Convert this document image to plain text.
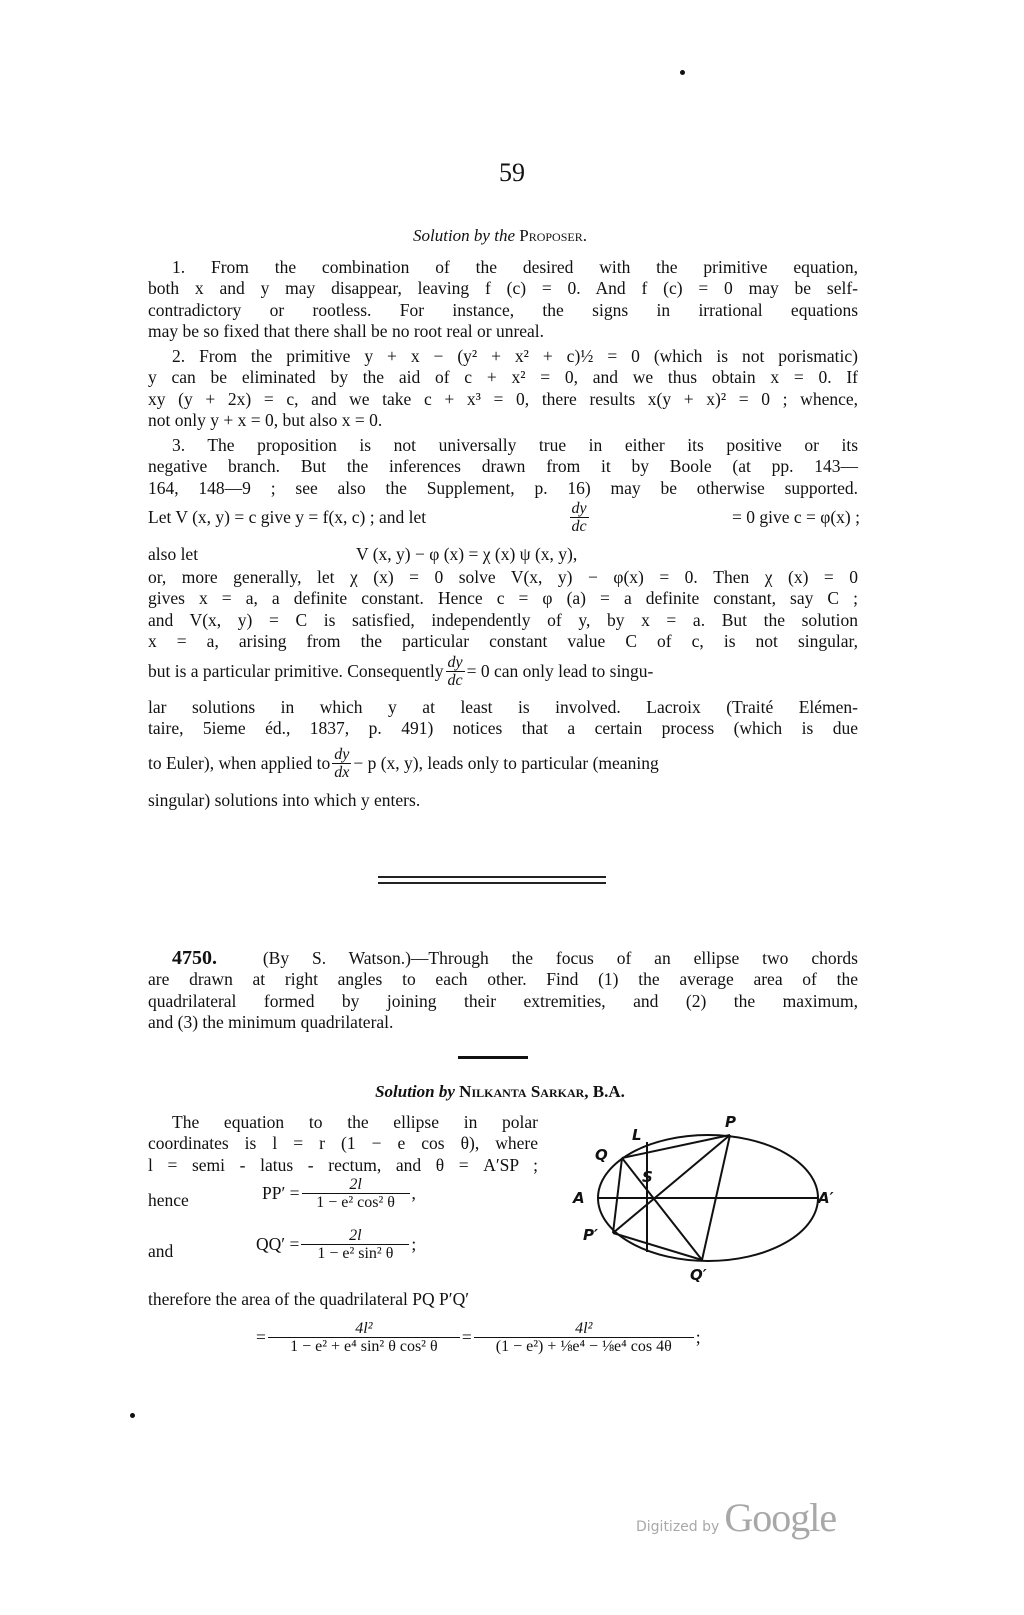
59
Solution by the Proposer.
1. From the combination of the desired with the primitive equation,
both x and y may disappear, leaving f (c) = 0. And f (c) = 0 may be self-
contradictory or rootless. For instance, the signs in irrational equations
may be so fixed that there shall be no root real or unreal.
2. From the primitive y + x − (y² + x² + c)½ = 0 (which is not porismatic)
y can be eliminated by the aid of c + x² = 0, and we thus obtain x = 0. If
xy (y + 2x) = c, and we take c + x³ = 0, there results x(y + x)² = 0 ; whence,
not only y + x = 0, but also x = 0.
3. The proposition is not universally true in either its positive or its
negative branch. But the inferences drawn from it by Boole (at pp. 143—
164, 148—9 ; see also the Supplement, p. 16) may be otherwise supported.
Let V (x, y) = c give y = f(x, c) ; and let	$\frac{dy}{dc}$	= 0 give c = φ(x) ;
also let	V (x, y) − φ (x) = χ (x) ψ (x, y),
or, more generally, let χ (x) = 0 solve V(x, y) − φ(x) = 0. Then χ (x) = 0
gives x = a, a definite constant. Hence c = φ (a) = a definite constant, say C ;
and V(x, y) = C is satisfied, independently of y, by x = a. But the solution
x = a, arising from the particular constant value C of c, is not singular,
but is a particular primitive. Consequently $\frac{dy}{dc} = 0$ can only lead to singu-
lar solutions in which y at least is involved. Lacroix (Traité Elémen-
taire, 5ieme éd., 1837, p. 491) notices that a certain process (which is due
to Euler), when applied to $\frac{dy}{dx} - p$ (x, y), leads only to particular (meaning
singular) solutions into which y enters.
4750.	(By S. Watson.)—Through the focus of an ellipse two chords
are drawn at right angles to each other. Find (1) the average area of the
quadrilateral formed by joining their extremities, and (2) the maximum,
and (3) the minimum quadrilateral.
Solution by Nilkanta Sarkar, B.A.
The equation to the ellipse in polar
coordinates is l = r (1 − e cos θ), where
l = semi - latus - rectum, and θ = A′SP ;
hence	$PP' = \frac{2l}{\text{1 − e² cos² θ}}$ ,
and	$QQ' = \frac{2l}{\text{1 − e² sin² θ}}$ ;
therefore the area of the quadrilateral PQ P′Q′
= $\frac{\text{4l²}}{\text{1 − e² + e⁴ sin² θ cos² θ}} = \frac{\text{4l²}}{\text{(1 − e²) + ⅛e⁴ − ⅛e⁴ cos 4θ}}$ ;
P
L
Q
S
A	A′
P′
Q′
Digitized by Google
